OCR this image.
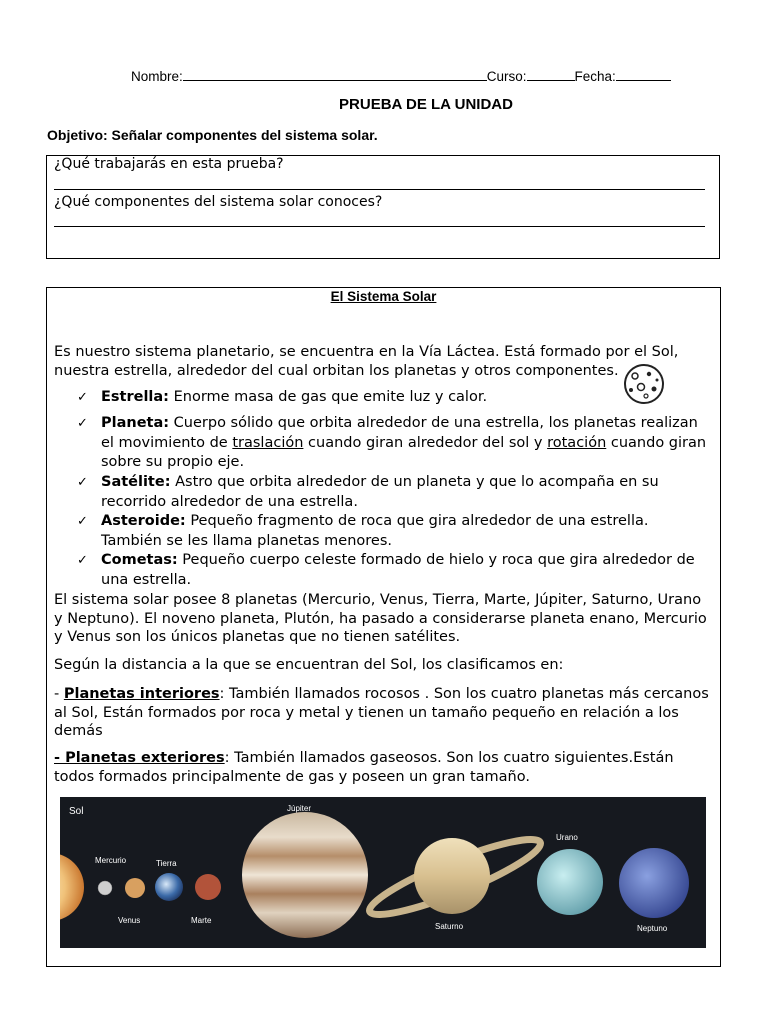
Nombre:	Curso:	Fecha:
PRUEBA DE LA UNIDAD
Objetivo: Señalar componentes del sistema solar.
¿Qué trabajarás en esta prueba?
¿Qué componentes del sistema solar conoces?
El Sistema Solar
Es nuestro sistema planetario, se encuentra en la Vía Láctea. Está formado por el Sol, nuestra estrella, alrededor del cual orbitan los planetas y otros componentes.
✓ Estrella: Enorme masa de gas que emite luz y calor.
✓ Planeta: Cuerpo sólido que orbita alrededor de una estrella, los planetas realizan el movimiento de traslación cuando giran alrededor del sol y rotación cuando giran sobre su propio eje.
✓ Satélite: Astro que orbita alrededor de un planeta y que lo acompaña en su recorrido alrededor de una estrella.
✓ Asteroide: Pequeño fragmento de roca que gira alrededor de una estrella. También se les llama planetas menores.
✓ Cometas: Pequeño cuerpo celeste formado de hielo y roca que gira alrededor de una estrella.
El sistema solar posee 8 planetas (Mercurio, Venus, Tierra, Marte, Júpiter, Saturno, Urano y Neptuno). El noveno planeta, Plutón, ha pasado a considerarse planeta enano, Mercurio y Venus son los únicos planetas que no tienen satélites.
Según la distancia a la que se encuentran del Sol, los clasificamos en:
- Planetas interiores: También llamados rocosos . Son los cuatro planetas más cercanos al Sol, Están formados por roca y metal y tienen un tamaño pequeño en relación a los demás
- Planetas exteriores: También llamados gaseosos. Son los cuatro siguientes.Están todos formados principalmente de gas y poseen un gran tamaño.
Sol
Mercurio	Tierra
Venus	Marte
Júpiter
Saturno
Urano
Neptuno
